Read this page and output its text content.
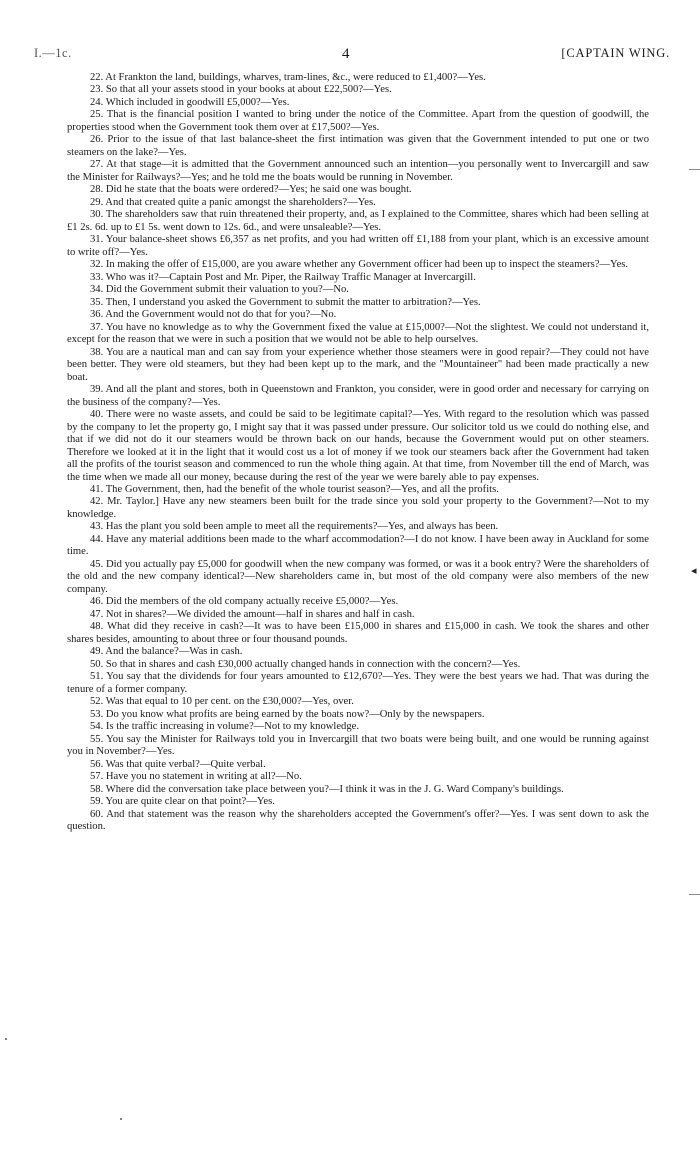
I.—1c.	4	[CAPTAIN WING.

22. At Frankton the land, buildings, wharves, tram-lines, &c., were reduced to £1,400?—Yes.

23. So that all your assets stood in your books at about £22,500?—Yes.

24. Which included in goodwill £5,000?—Yes.

25. That is the financial position I wanted to bring under the notice of the Committee. Apart from the question of goodwill, the properties stood when the Government took them over at £17,500?—Yes.

26. Prior to the issue of that last balance-sheet the first intimation was given that the Government intended to put one or two steamers on the lake?—Yes.

27. At that stage—it is admitted that the Government announced such an intention—you personally went to Invercargill and saw the Minister for Railways?—Yes; and he told me the boats would be running in November.

28. Did he state that the boats were ordered?—Yes; he said one was bought.

29. And that created quite a panic amongst the shareholders?—Yes.

30. The shareholders saw that ruin threatened their property, and, as I explained to the Committee, shares which had been selling at £1 2s. 6d. up to £1 5s. went down to 12s. 6d., and were unsaleable?—Yes.

31. Your balance-sheet shows £6,357 as net profits, and you had written off £1,188 from your plant, which is an excessive amount to write off?—Yes.

32. In making the offer of £15,000, are you aware whether any Government officer had been up to inspect the steamers?—Yes.

33. Who was it?—Captain Post and Mr. Piper, the Railway Traffic Manager at Invercargill.

34. Did the Government submit their valuation to you?—No.

35. Then, I understand you asked the Government to submit the matter to arbitration?—Yes.

36. And the Government would not do that for you?—No.

37. You have no knowledge as to why the Government fixed the value at £15,000?—Not the slightest. We could not understand it, except for the reason that we were in such a position that we would not be able to help ourselves.

38. You are a nautical man and can say from your experience whether those steamers were in good repair?—They could not have been better. They were old steamers, but they had been kept up to the mark, and the "Mountaineer" had been made practically a new boat.

39. And all the plant and stores, both in Queenstown and Frankton, you consider, were in good order and necessary for carrying on the business of the company?—Yes.

40. There were no waste assets, and could be said to be legitimate capital?—Yes. With regard to the resolution which was passed by the company to let the property go, I might say that it was passed under pressure. Our solicitor told us we could do nothing else, and that if we did not do it our steamers would be thrown back on our hands, because the Government would put on other steamers. Therefore we looked at it in the light that it would cost us a lot of money if we took our steamers back after the Government had taken all the profits of the tourist season and commenced to run the whole thing again. At that time, from November till the end of March, was the time when we made all our money, because during the rest of the year we were barely able to pay expenses.

41. The Government, then, had the benefit of the whole tourist season?—Yes, and all the profits.

42. Mr. Taylor.] Have any new steamers been built for the trade since you sold your property to the Government?—Not to my knowledge.

43. Has the plant you sold been ample to meet all the requirements?—Yes, and always has been.

44. Have any material additions been made to the wharf accommodation?—I do not know. I have been away in Auckland for some time.

45. Did you actually pay £5,000 for goodwill when the new company was formed, or was it a book entry? Were the shareholders of the old and the new company identical?—New shareholders came in, but most of the old company were also members of the new company.

46. Did the members of the old company actually receive £5,000?—Yes.

47. Not in shares?—We divided the amount—half in shares and half in cash.

48. What did they receive in cash?—It was to have been £15,000 in shares and £15,000 in cash. We took the shares and other shares besides, amounting to about three or four thousand pounds.

49. And the balance?—Was in cash.

50. So that in shares and cash £30,000 actually changed hands in connection with the concern?—Yes.

51. You say that the dividends for four years amounted to £12,670?—Yes. They were the best years we had. That was during the tenure of a former company.

52. Was that equal to 10 per cent. on the £30,000?—Yes, over.

53. Do you know what profits are being earned by the boats now?—Only by the newspapers.

54. Is the traffic increasing in volume?—Not to my knowledge.

55. You say the Minister for Railways told you in Invercargill that two boats were being built, and one would be running against you in November?—Yes.

56. Was that quite verbal?—Quite verbal.

57. Have you no statement in writing at all?—No.

58. Where did the conversation take place between you?—I think it was in the J. G. Ward Company's buildings.

59. You are quite clear on that point?—Yes.

60. And that statement was the reason why the shareholders accepted the Government's offer?—Yes. I was sent down to ask the question.

—
◂
—
